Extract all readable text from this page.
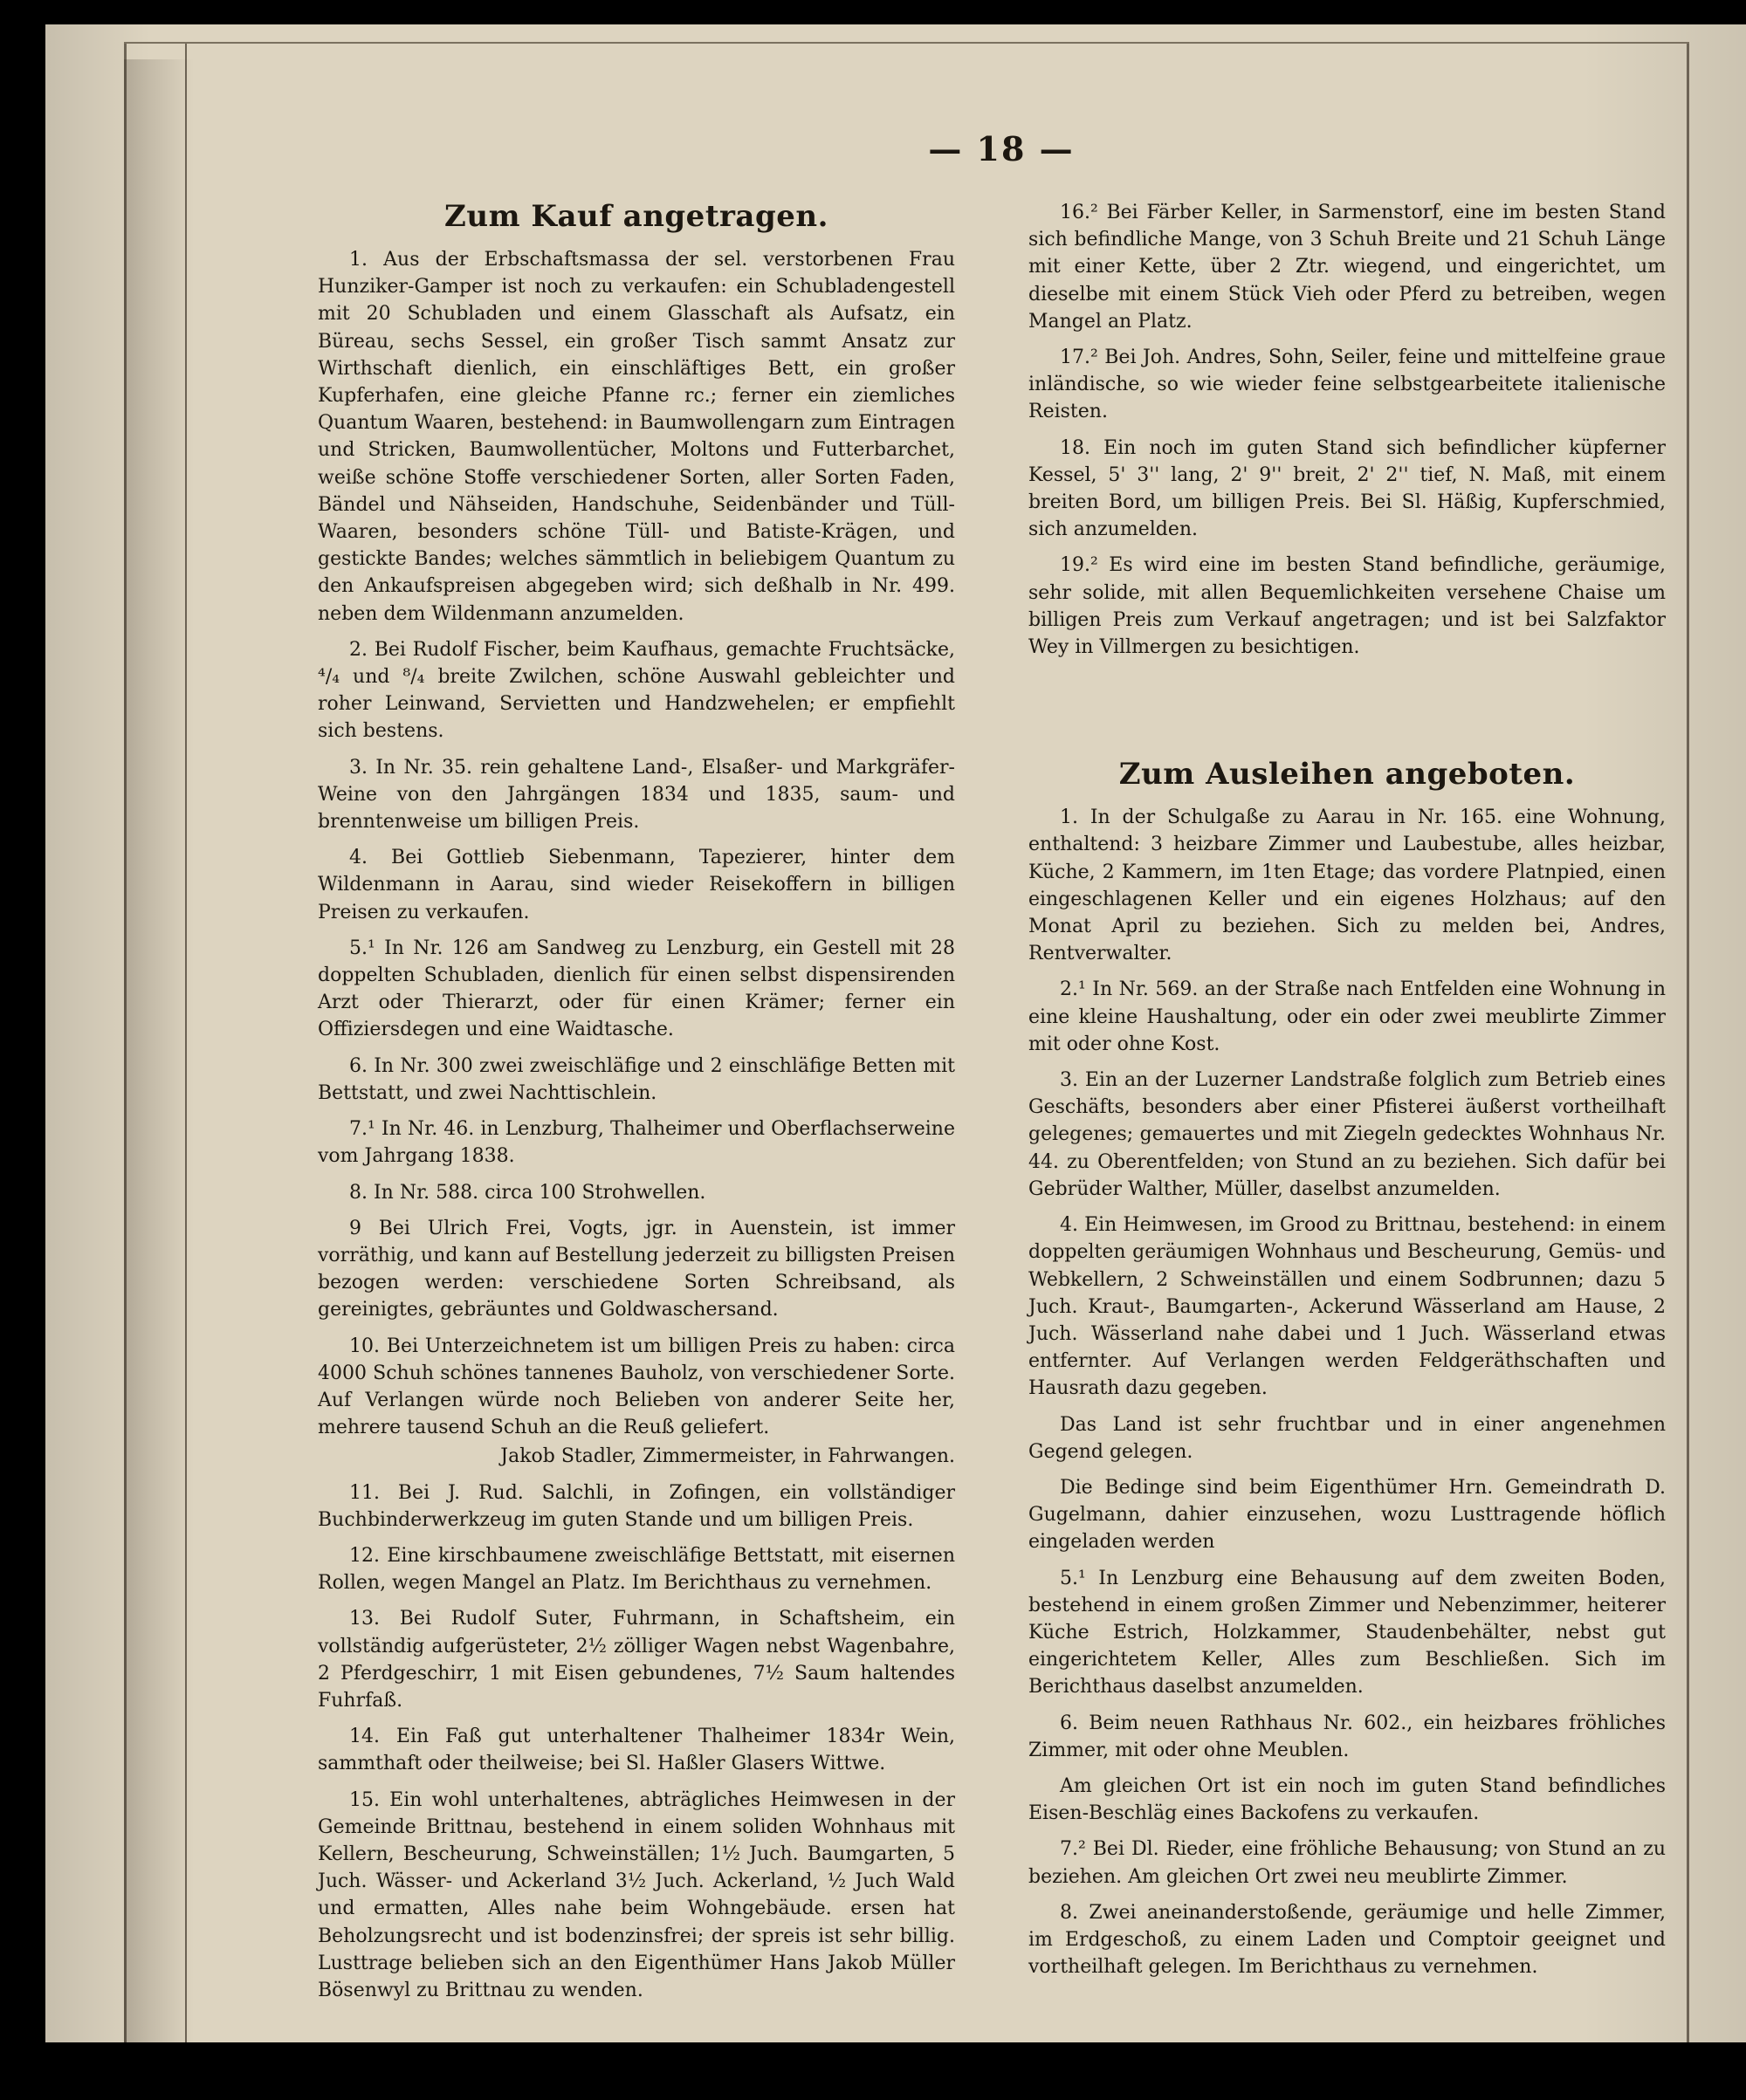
— 18 —
Zum Kauf angetragen.

1. Aus der Erbschaftsmassa der sel. verstorbenen Frau Hunziker-Gamper ist noch zu verkaufen: ein Schubladengestell mit 20 Schubladen und einem Glasschaft als Aufsatz, ein Büreau, sechs Sessel, ein großer Tisch sammt Ansatz zur Wirthschaft dienlich, ein einschläftiges Bett, ein großer Kupferhafen, eine gleiche Pfanne rc.; ferner ein ziemliches Quantum Waaren, bestehend: in Baumwollengarn zum Eintragen und Stricken, Baumwollentücher, Moltons und Futterbarchet, weiße schöne Stoffe verschiedener Sorten, aller Sorten Faden, Bändel und Nähseiden, Handschuhe, Seidenbänder und Tüll-Waaren, besonders schöne Tüll- und Batiste-Krägen, und gestickte Bandes; welches sämmtlich in beliebigem Quantum zu den Ankaufspreisen abgegeben wird; sich deßhalb in Nr. 499. neben dem Wildenmann anzumelden.

2. Bei Rudolf Fischer, beim Kaufhaus, gemachte Fruchtsäcke, ⁴/₄ und ⁸/₄ breite Zwilchen, schöne Auswahl gebleichter und roher Leinwand, Servietten und Handzwehelen; er empfiehlt sich bestens.

3. In Nr. 35. rein gehaltene Land-, Elsaßer- und Markgräfer-Weine von den Jahrgängen 1834 und 1835, saum- und brenntenweise um billigen Preis.

4. Bei Gottlieb Siebenmann, Tapezierer, hinter dem Wildenmann in Aarau, sind wieder Reisekoffern in billigen Preisen zu verkaufen.

5.¹ In Nr. 126 am Sandweg zu Lenzburg, ein Gestell mit 28 doppelten Schubladen, dienlich für einen selbst dispensirenden Arzt oder Thierarzt, oder für einen Krämer; ferner ein Offiziersdegen und eine Waidtasche.

6. In Nr. 300 zwei zweischläfige und 2 einschläfige Betten mit Bettstatt, und zwei Nachttischlein.

7.¹ In Nr. 46. in Lenzburg, Thalheimer und Oberflachserweine vom Jahrgang 1838.

8. In Nr. 588. circa 100 Strohwellen.

9 Bei Ulrich Frei, Vogts, jgr. in Auenstein, ist immer vorräthig, und kann auf Bestellung jederzeit zu billigsten Preisen bezogen werden: verschiedene Sorten Schreibsand, als gereinigtes, gebräuntes und Goldwaschersand.

10. Bei Unterzeichnetem ist um billigen Preis zu haben: circa 4000 Schuh schönes tannenes Bauholz, von verschiedener Sorte. Auf Verlangen würde noch Belieben von anderer Seite her, mehrere tausend Schuh an die Reuß geliefert.

Jakob Stadler, Zimmermeister, in Fahrwangen.

11. Bei J. Rud. Salchli, in Zofingen, ein vollständiger Buchbinderwerkzeug im guten Stande und um billigen Preis.

12. Eine kirschbaumene zweischläfige Bettstatt, mit eisernen Rollen, wegen Mangel an Platz. Im Berichthaus zu vernehmen.

13. Bei Rudolf Suter, Fuhrmann, in Schaftsheim, ein vollständig aufgerüsteter, 2½ zölliger Wagen nebst Wagenbahre, 2 Pferdgeschirr, 1 mit Eisen gebundenes, 7½ Saum haltendes Fuhrfaß.

14. Ein Faß gut unterhaltener Thalheimer 1834r Wein, sammthaft oder theilweise; bei Sl. Haßler Glasers Wittwe.

15. Ein wohl unterhaltenes, abträgliches Heimwesen in der Gemeinde Brittnau, bestehend in einem soliden Wohnhaus mit Kellern, Bescheurung, Schweinställen; 1½ Juch. Baumgarten, 5 Juch. Wässer- und Ackerland 3½ Juch. Ackerland, ½ Juch Wald und ermatten, Alles nahe beim Wohngebäude. ersen hat Beholzungsrecht und ist bodenzinsfrei; der spreis ist sehr billig. Lusttrage belieben sich an den Eigenthümer Hans Jakob Müller Bösenwyl zu Brittnau zu wenden.

16.² Bei Färber Keller, in Sarmenstorf, eine im besten Stand sich befindliche Mange, von 3 Schuh Breite und 21 Schuh Länge mit einer Kette, über 2 Ztr. wiegend, und eingerichtet, um dieselbe mit einem Stück Vieh oder Pferd zu betreiben, wegen Mangel an Platz.

17.² Bei Joh. Andres, Sohn, Seiler, feine und mittelfeine graue inländische, so wie wieder feine selbstgearbeitete italienische Reisten.

18. Ein noch im guten Stand sich befindlicher küpferner Kessel, 5' 3'' lang, 2' 9'' breit, 2' 2'' tief, N. Maß, mit einem breiten Bord, um billigen Preis. Bei Sl. Häßig, Kupferschmied, sich anzumelden.

19.² Es wird eine im besten Stand befindliche, geräumige, sehr solide, mit allen Bequemlichkeiten versehene Chaise um billigen Preis zum Verkauf angetragen; und ist bei Salzfaktor Wey in Villmergen zu besichtigen.

Zum Ausleihen angeboten.

1. In der Schulgaße zu Aarau in Nr. 165. eine Wohnung, enthaltend: 3 heizbare Zimmer und Laubestube, alles heizbar, Küche, 2 Kammern, im 1ten Etage; das vordere Platnpied, einen eingeschlagenen Keller und ein eigenes Holzhaus; auf den Monat April zu beziehen. Sich zu melden bei, Andres, Rentverwalter.

2.¹ In Nr. 569. an der Straße nach Entfelden eine Wohnung in eine kleine Haushaltung, oder ein oder zwei meublirte Zimmer mit oder ohne Kost.

3. Ein an der Luzerner Landstraße folglich zum Betrieb eines Geschäfts, besonders aber einer Pfisterei äußerst vortheilhaft gelegenes; gemauertes und mit Ziegeln gedecktes Wohnhaus Nr. 44. zu Oberentfelden; von Stund an zu beziehen. Sich dafür bei Gebrüder Walther, Müller, daselbst anzumelden.

4. Ein Heimwesen, im Grood zu Brittnau, bestehend: in einem doppelten geräumigen Wohnhaus und Bescheurung, Gemüs- und Webkellern, 2 Schweinställen und einem Sodbrunnen; dazu 5 Juch. Kraut-, Baumgarten-, Ackerund Wässerland am Hause, 2 Juch. Wässerland nahe dabei und 1 Juch. Wässerland etwas entfernter. Auf Verlangen werden Feldgeräthschaften und Hausrath dazu gegeben.

Das Land ist sehr fruchtbar und in einer angenehmen Gegend gelegen.

Die Bedinge sind beim Eigenthümer Hrn. Gemeindrath D. Gugelmann, dahier einzusehen, wozu Lusttragende höflich eingeladen werden

5.¹ In Lenzburg eine Behausung auf dem zweiten Boden, bestehend in einem großen Zimmer und Nebenzimmer, heiterer Küche Estrich, Holzkammer, Staudenbehälter, nebst gut eingerichtetem Keller, Alles zum Beschließen. Sich im Berichthaus daselbst anzumelden.

6. Beim neuen Rathhaus Nr. 602., ein heizbares fröhliches Zimmer, mit oder ohne Meublen.

Am gleichen Ort ist ein noch im guten Stand befindliches Eisen-Beschläg eines Backofens zu verkaufen.

7.² Bei Dl. Rieder, eine fröhliche Behausung; von Stund an zu beziehen. Am gleichen Ort zwei neu meublirte Zimmer.

8. Zwei aneinanderstoßende, geräumige und helle Zimmer, im Erdgeschoß, zu einem Laden und Comptoir geeignet und vortheilhaft gelegen. Im Berichthaus zu vernehmen.
